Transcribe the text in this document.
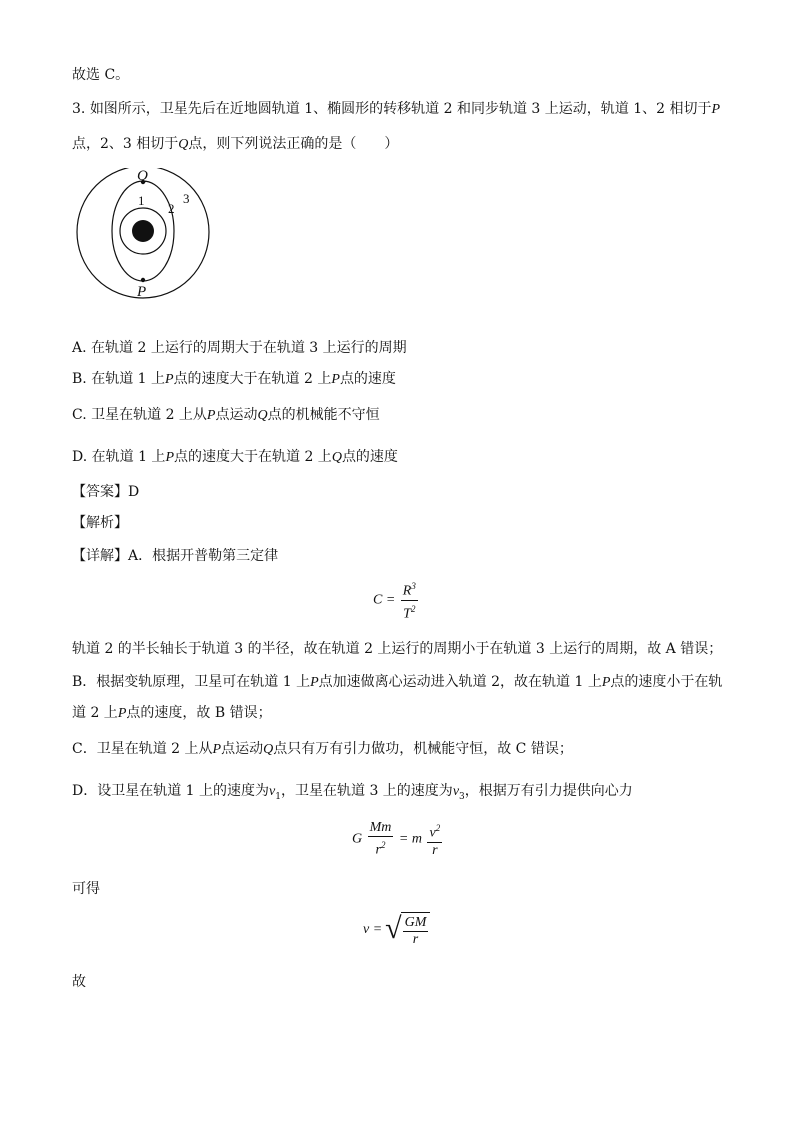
故选 C。
3. 如图所示，卫星先后在近地圆轨道 1、椭圆形的转移轨道 2 和同步轨道 3 上运动，轨道 1、2 相切于P
点，2、3 相切于Q点，则下列说法正确的是（　　）
Q
P
1
2
3
A. 在轨道 2 上运行的周期大于在轨道 3 上运行的周期
B. 在轨道 1 上P点的速度大于在轨道 2 上P点的速度
C. 卫星在轨道 2 上从P点运动Q点的机械能不守恒
D. 在轨道 1 上P点的速度大于在轨道 2 上Q点的速度
【答案】D
【解析】
【详解】A．根据开普勒第三定律
$C = \frac{R^3}{T^2}$
轨道 2 的半长轴长于轨道 3 的半径，故在轨道 2 上运行的周期小于在轨道 3 上运行的周期，故 A 错误；
B．根据变轨原理，卫星可在轨道 1 上P点加速做离心运动进入轨道 2，故在轨道 1 上P点的速度小于在轨
道 2 上P点的速度，故 B 错误；
C．卫星在轨道 2 上从P点运动Q点只有万有引力做功，机械能守恒，故 C 错误；
D．设卫星在轨道 1 上的速度为$v_1$，卫星在轨道 3 上的速度为$v_3$，根据万有引力提供向心力
G $\frac{Mm}{r^2} = m \frac{v^2}{r}$
可得
v = √ $\frac{GM}{r}$
故
